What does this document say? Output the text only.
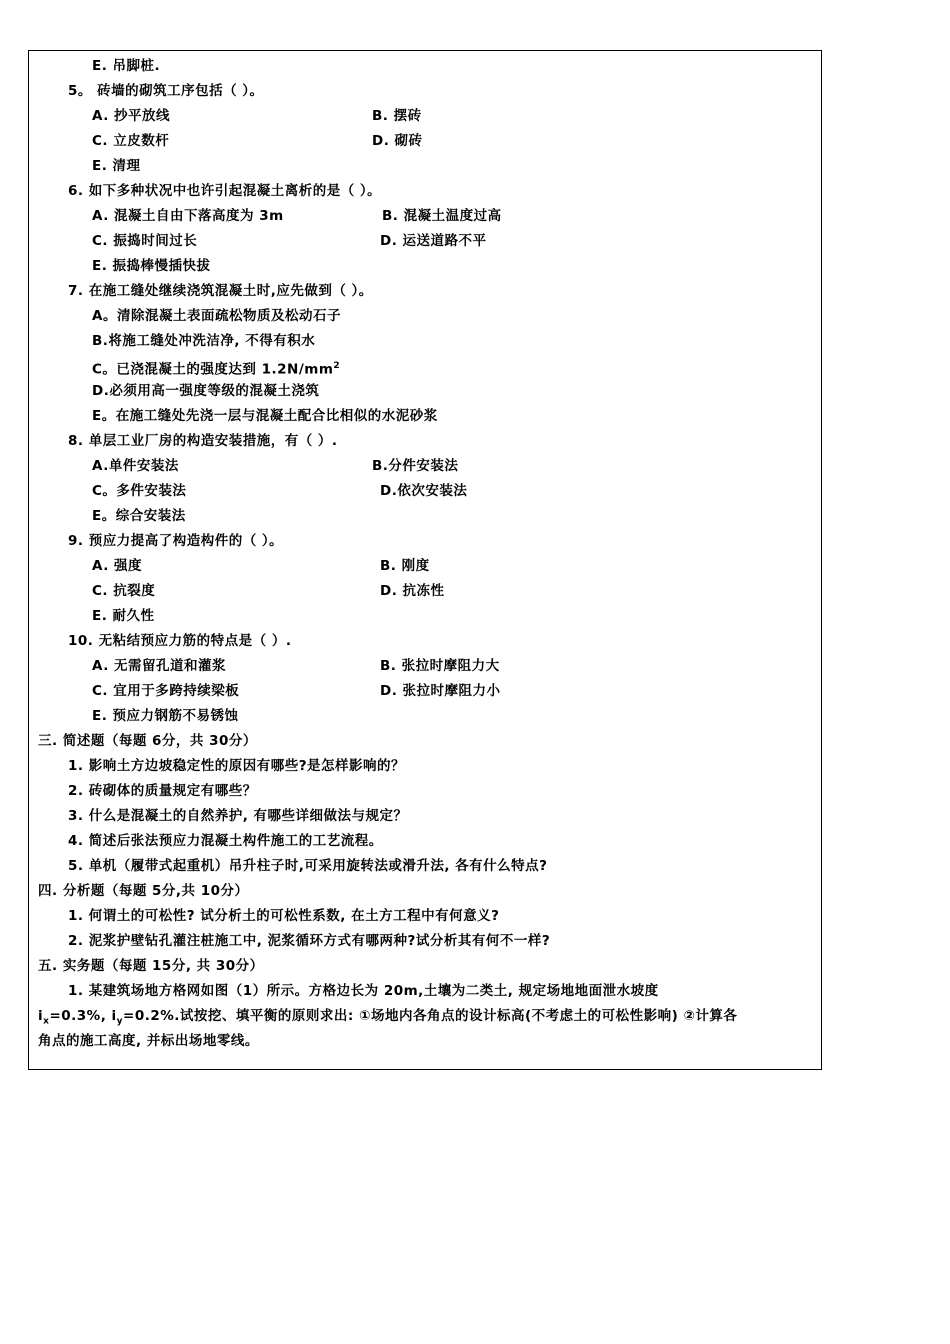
E. 吊脚桩.
5。 砖墙的砌筑工序包括（ ）。
A. 抄平放线	B. 摆砖
C. 立皮数杆	D. 砌砖
E. 清理
6. 如下多种状况中也许引起混凝土离析的是（ ）。
A. 混凝土自由下落高度为 3m	B. 混凝土温度过高
C. 振捣时间过长	D. 运送道路不平
E. 振捣棒慢插快拔
7. 在施工缝处继续浇筑混凝土时,应先做到（ ）。
A。清除混凝土表面疏松物质及松动石子
B.将施工缝处冲洗洁净, 不得有积水
C。已浇混凝土的强度达到 $1.2N/mm^2$
D.必须用高一强度等级的混凝土浇筑
E。在施工缝处先浇一层与混凝土配合比相似的水泥砂浆
8. 单层工业厂房的构造安装措施，有（ ）.
A.单件安装法	B.分件安装法
C。多件安装法	D.依次安装法
E。综合安装法
9. 预应力提高了构造构件的（ ）。
A. 强度	B. 刚度
C. 抗裂度	D. 抗冻性
E. 耐久性
10. 无粘结预应力筋的特点是（ ）.
A. 无需留孔道和灌浆	B. 张拉时摩阻力大
C. 宜用于多跨持续梁板	D. 张拉时摩阻力小
E. 预应力钢筋不易锈蚀
三. 简述题（每题 6分，共 30分）
1. 影响土方边坡稳定性的原因有哪些?是怎样影响的？
2. 砖砌体的质量规定有哪些？
3. 什么是混凝土的自然养护, 有哪些详细做法与规定？
4. 简述后张法预应力混凝土构件施工的工艺流程。
5. 单机（履带式起重机）吊升柱子时,可采用旋转法或滑升法, 各有什么特点?
四. 分析题（每题 5分,共 10分）
1. 何谓土的可松性? 试分析土的可松性系数, 在土方工程中有何意义?
2. 泥浆护壁钻孔灌注桩施工中, 泥浆循环方式有哪两种?试分析其有何不一样?
五. 实务题（每题 15分, 共 30分）
1. 某建筑场地方格网如图（1）所示。方格边长为 20m,土壤为二类土, 规定场地地面泄水坡度
角点的施工高度, 并标出场地零线。
$i_x=0.3\%$, $i_y=0.2\%$.试按挖、填平衡的原则求出: ①场地内各角点的设计标高(不考虑土的可松性影响) ②计算各
